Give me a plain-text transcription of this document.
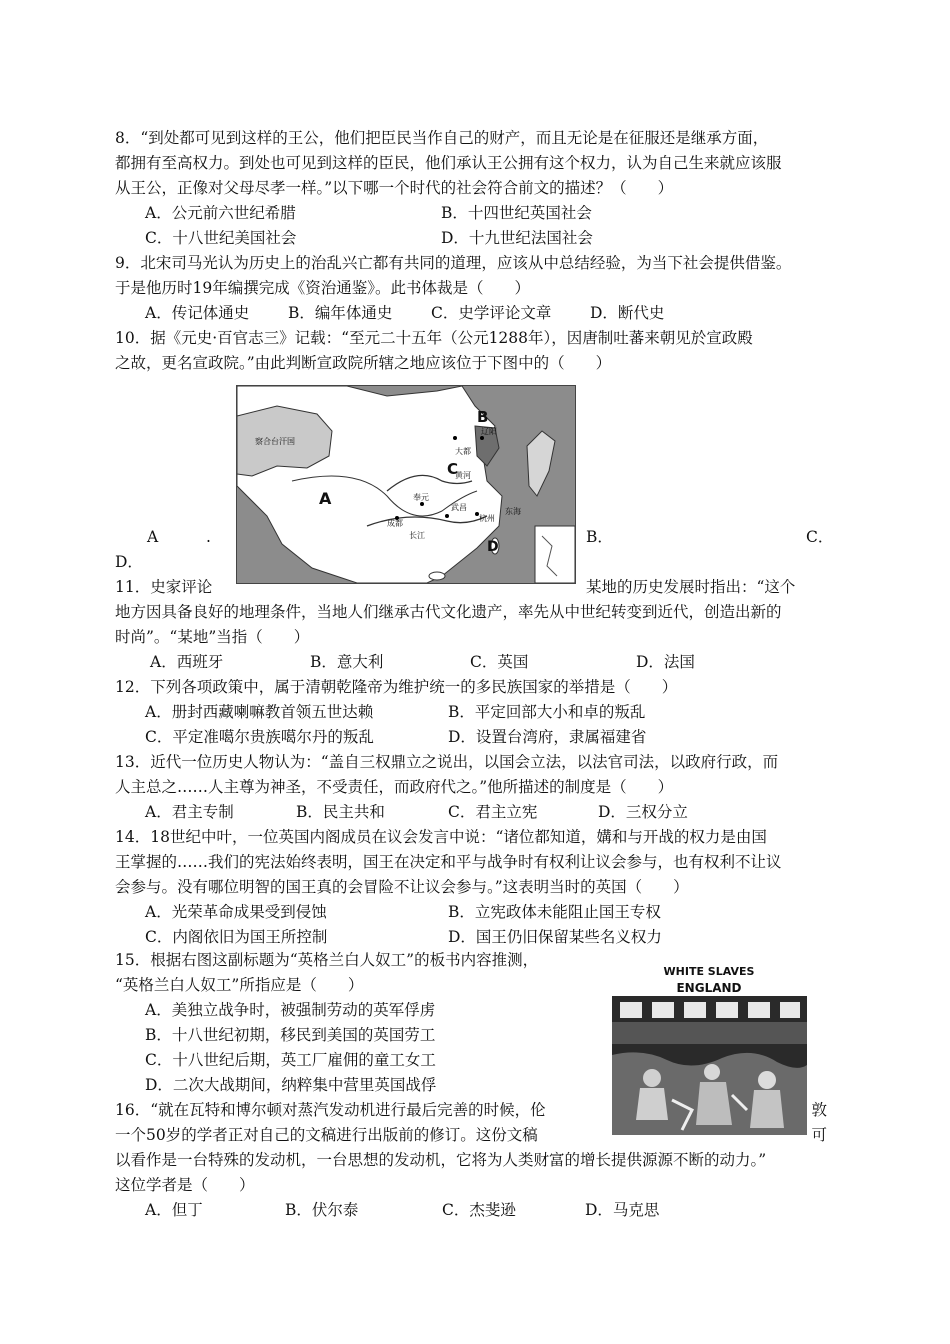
8．“到处都可见到这样的王公，他们把臣民当作自己的财产，而且无论是在征服还是继承方面，
都拥有至高权力。到处也可见到这样的臣民，他们承认王公拥有这个权力，认为自己生来就应该服
从王公，正像对父母尽孝一样。”以下哪一个时代的社会符合前文的描述？（　　）
A．公元前六世纪希腊	B．十四世纪英国社会
C．十八世纪美国社会	D．十九世纪法国社会
9．北宋司马光认为历史上的治乱兴亡都有共同的道理，应该从中总结经验，为当下社会提供借鉴。
于是他历时19年编撰完成《资治通鉴》。此书体裁是（　　）
A．传记体通史	B．编年体通史 C．史学评论文章 D．断代史
10．据《元史·百官志三》记载：“至元二十五年（公元1288年），因唐制吐蕃来朝见於宣政殿
之故，更名宣政院。”由此判断宣政院所辖之地应该位于下图中的（　　）
B
A
C
D
察合台汗国
大都
辽阳
黄河
奉元
成都
武昌
杭州
长江
东海
A	.	B．	C．
D．
11．史家评论	某地的历史发展时指出：“这个
地方因具备良好的地理条件，当地人们继承古代文化遗产，率先从中世纪转变到近代，创造出新的
时尚”。“某地”当指（　　）
A．西班牙	B．意大利	C．英国	D．法国
12．下列各项政策中，属于清朝乾隆帝为维护统一的多民族国家的举措是（　　）
A．册封西藏喇嘛教首领五世达赖	B．平定回部大小和卓的叛乱
C．平定准噶尔贵族噶尔丹的叛乱	D．设置台湾府，隶属福建省
13．近代一位历史人物认为：“盖自三权鼎立之说出，以国会立法，以法官司法，以政府行政，而
人主总之……人主尊为神圣，不受责任，而政府代之。”他所描述的制度是（　　）
A．君主专制	B．民主共和	C．君主立宪	D．三权分立
14．18世纪中叶，一位英国内阁成员在议会发言中说：“诸位都知道，媾和与开战的权力是由国
王掌握的……我们的宪法始终表明，国王在决定和平与战争时有权利让议会参与，也有权利不让议
会参与。没有哪位明智的国王真的会冒险不让议会参与。”这表明当时的英国（　　）
A．光荣革命成果受到侵蚀	B．立宪政体未能阻止国王专权
C．内阁依旧为国王所控制	D．国王仍旧保留某些名义权力
15．根据右图这副标题为“英格兰白人奴工”的板书内容推测，
“英格兰白人奴工”所指应是（　　）
A．美独立战争时，被强制劳动的英军俘虏
B．十八世纪初期，移民到美国的英国劳工
C．十八世纪后期，英工厂雇佣的童工女工
D．二次大战期间，纳粹集中营里英国战俘
WHITE SLAVES
ENGLAND
16．“就在瓦特和博尔顿对蒸汽发动机进行最后完善的时候，伦	敦
一个50岁的学者正对自己的文稿进行出版前的修订。这份文稿	可
以看作是一台特殊的发动机，一台思想的发动机，它将为人类财富的增长提供源源不断的动力。”
这位学者是（　　）
A．但丁	B．伏尔泰	C．杰斐逊	D．马克思
